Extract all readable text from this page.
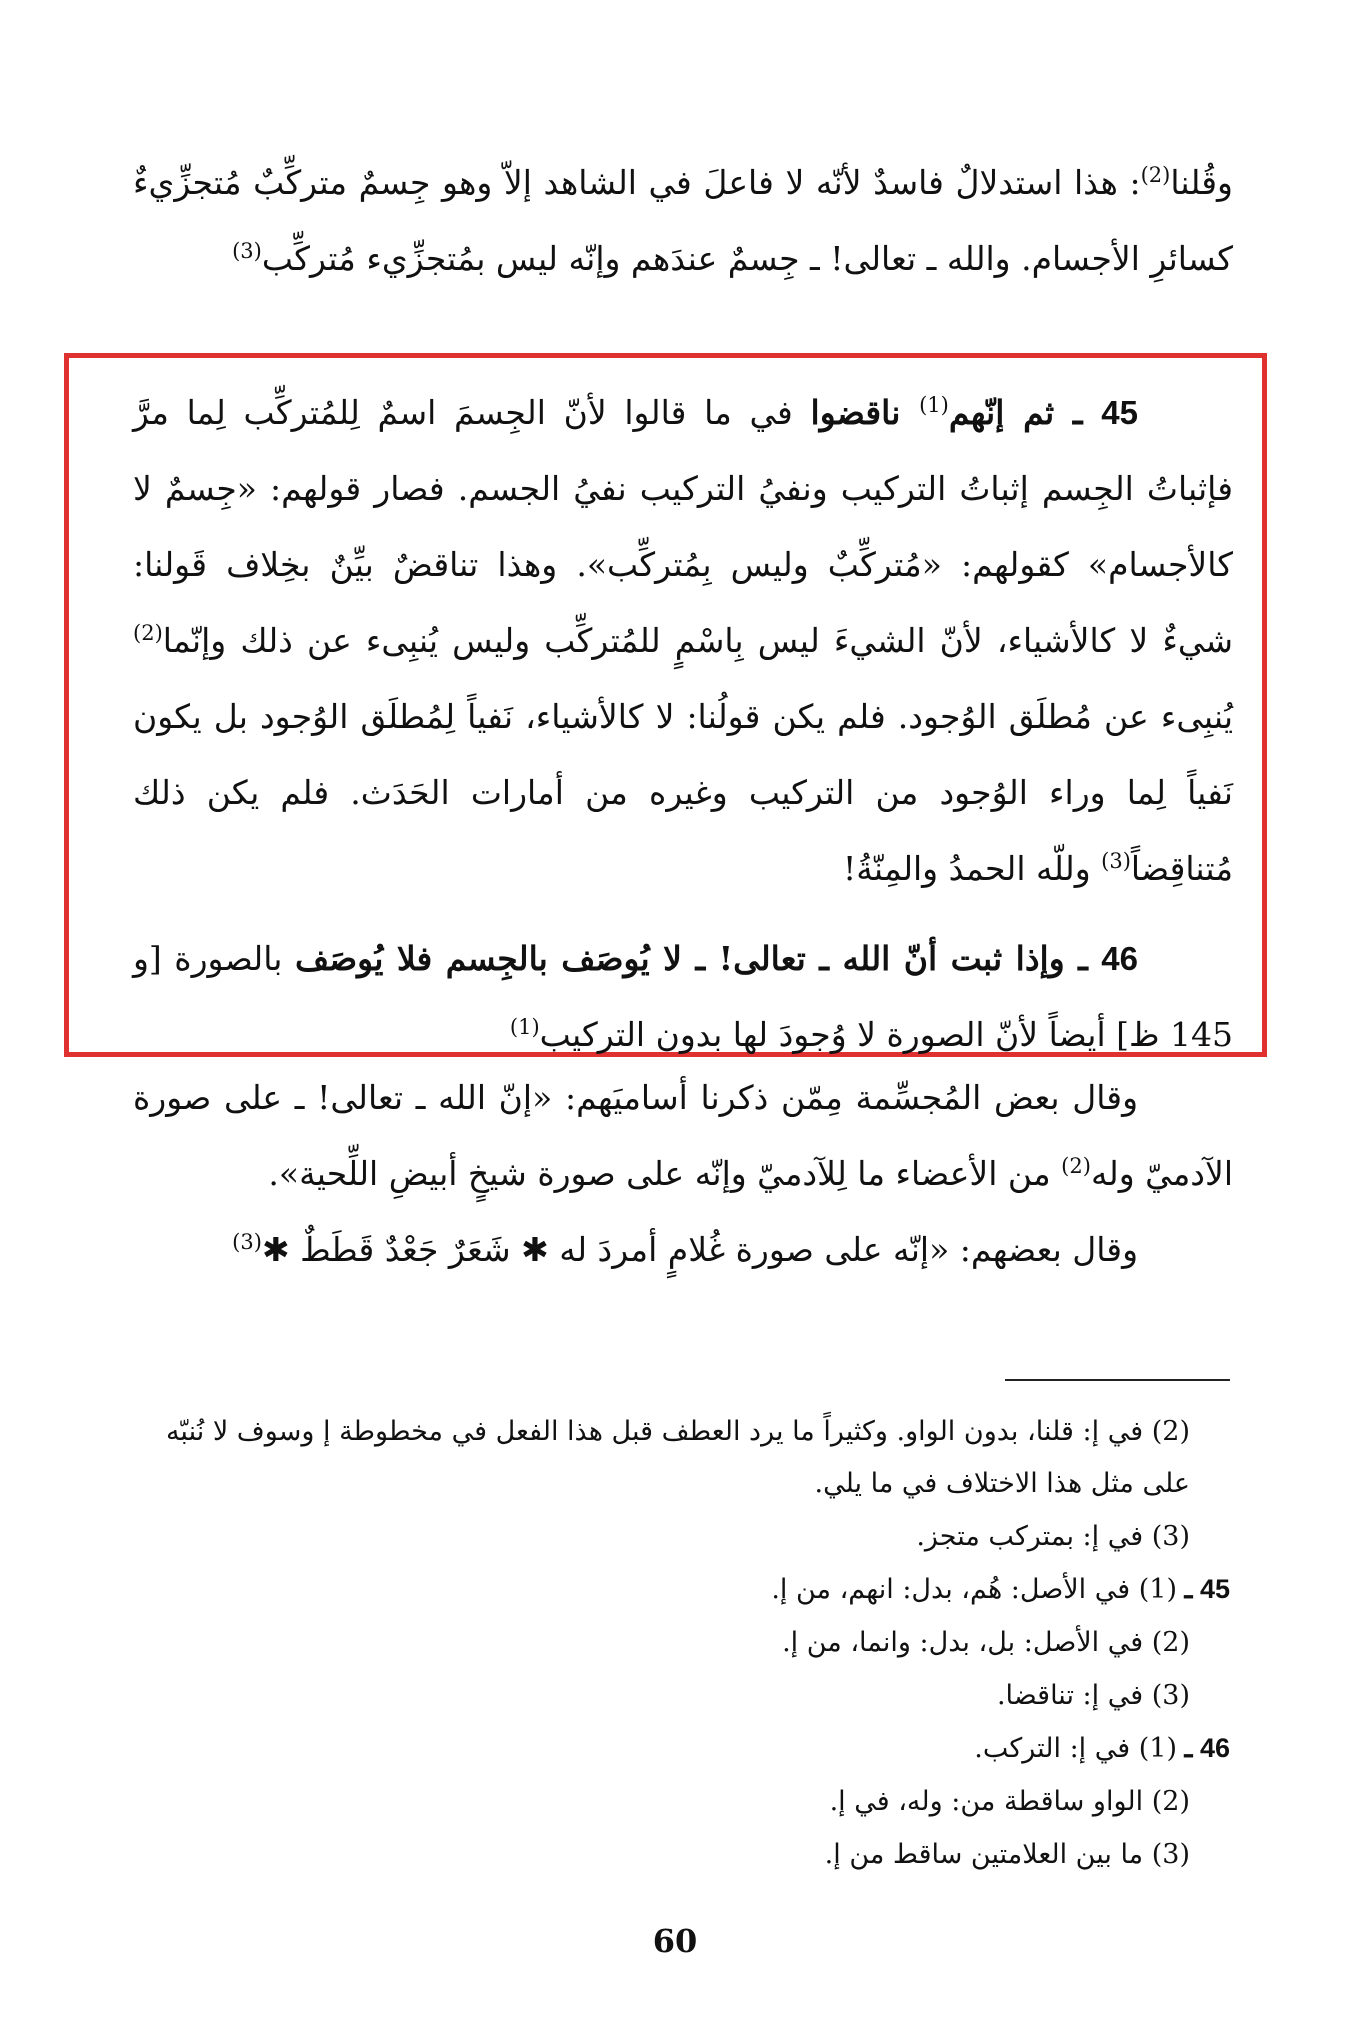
وقُلنا$^{(2)}$: هذا استدلالٌ فاسدٌ لأنّه لا فاعلَ في الشاهد إلاّ وهو جِسمٌ متركِّبٌ مُتجزِّيءٌ كسائرِ الأجسام. والله ـ تعالى! ـ جِسمٌ عندَهم وإنّه ليس بمُتجزِّيء مُتركِّب$^{(3)}$

45 ـ ثم إنّهم$^{(1)}$ ناقضوا في ما قالوا لأنّ الجِسمَ اسمٌ لِلمُتركِّب لِما مرَّ فإثباتُ الجِسم إثباتُ التركيب ونفيُ التركيب نفيُ الجسم. فصار قولهم: «جِسمٌ لا كالأجسام» كقولهم: «مُتركِّبٌ وليس بِمُتركِّب». وهذا تناقضٌ بيِّنٌ بخِلاف قَولنا: شيءٌ لا كالأشياء، لأنّ الشيءَ ليس بِاسْمٍ للمُتركِّب وليس يُنبِىء عن ذلك وإنّما$^{(2)}$ يُنبِىء عن مُطلَق الوُجود. فلم يكن قولُنا: لا كالأشياء، نَفياً لِمُطلَق الوُجود بل يكون نَفياً لِما وراء الوُجود من التركيب وغيره من أمارات الحَدَث. فلم يكن ذلك مُتناقِضاً$^{(3)}$ وللّه الحمدُ والمِنّةُ!

46 ـ وإذا ثبت أنّ الله ـ تعالى! ـ لا يُوصَف بالجِسم فلا يُوصَف بالصورة [و 145 ظ] أيضاً لأنّ الصورة لا وُجودَ لها بدون التركيب$^{(1)}$

وقال بعض المُجسِّمة مِمّن ذكرنا أساميَهم: «إنّ الله ـ تعالى! ـ على صورة الآدميّ وله$^{(2)}$ من الأعضاء ما لِلآدميّ وإنّه على صورة شيخٍ أبيضِ اللِّحية».

وقال بعضهم: «إنّه على صورة غُلامٍ أمردَ له ✱ شَعَرٌ جَعْدٌ قَطَطٌ ✱$^{(3)}$

(2) في إ: قلنا، بدون الواو. وكثيراً ما يرد العطف قبل هذا الفعل في مخطوطة إ وسوف لا نُنبّه على مثل هذا الاختلاف في ما يلي.

(3) في إ: بمتركب متجز.

45 ـ (1) في الأصل: هُم، بدل: انهم، من إ.

(2) في الأصل: بل، بدل: وانما، من إ.

(3) في إ: تناقضا.

46 ـ (1) في إ: التركب.

(2) الواو ساقطة من: وله، في إ.

(3) ما بين العلامتين ساقط من إ.

60
